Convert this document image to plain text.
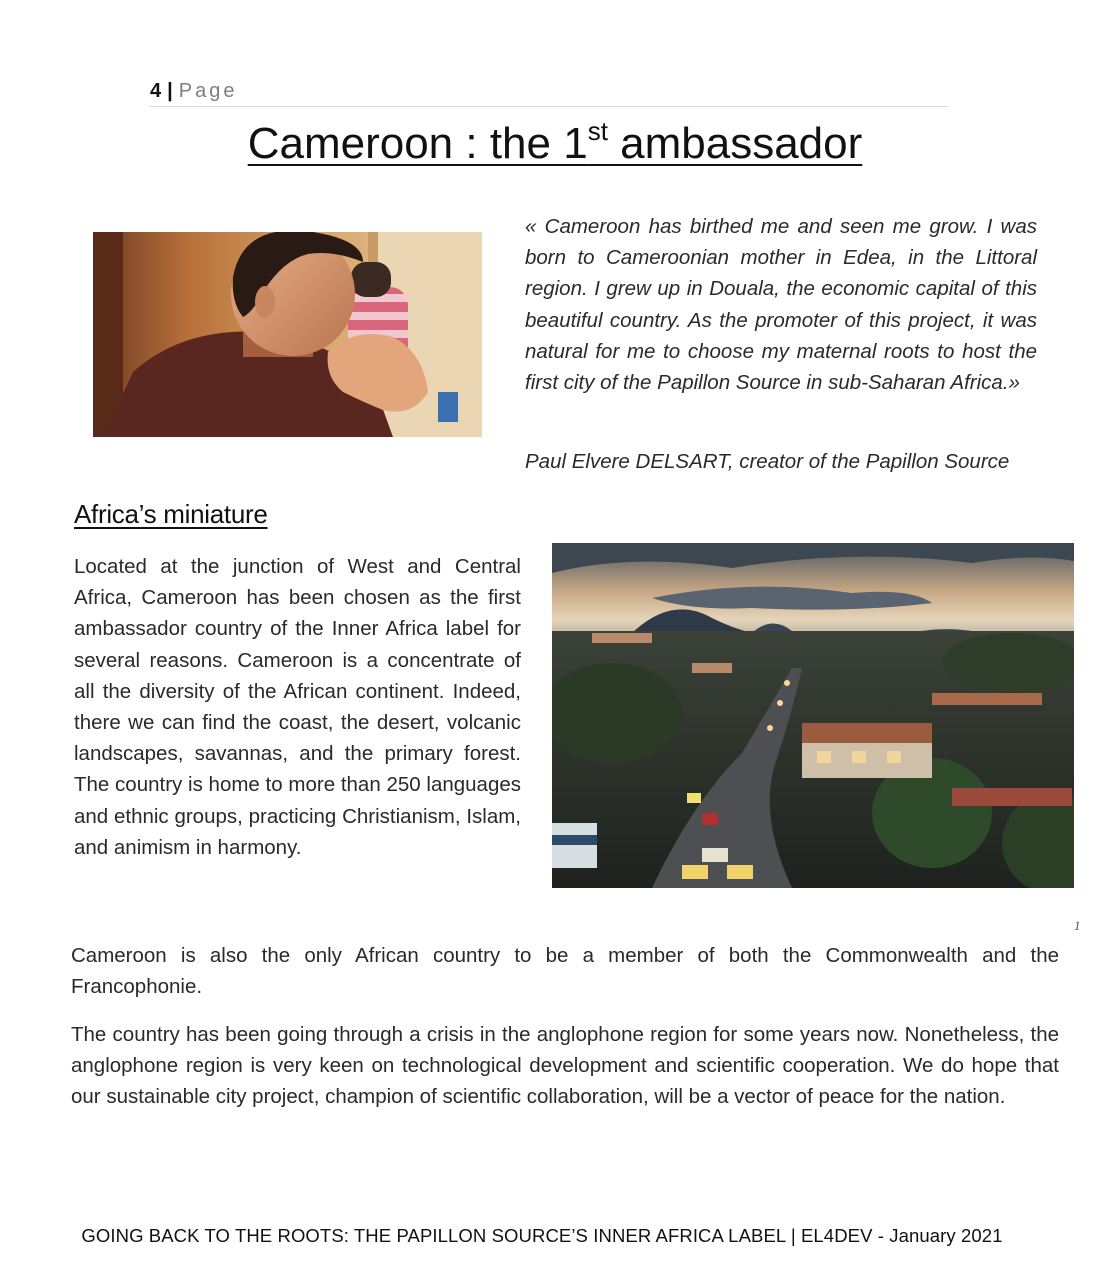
4 | Page
Cameroon : the 1st ambassador

« Cameroon has birthed me and seen me grow. I was born to Cameroonian mother in Edea, in the Littoral region. I grew up in Douala, the economic capital of this beautiful country. As the promoter of this project, it was natural for me to choose my maternal roots to host the first city of the Papillon Source in sub-Saharan Africa.»

Paul Elvere DELSART, creator of the Papillon Source

Africa’s miniature

Located at the junction of West and Central Africa, Cameroon has been chosen as the first ambassador country of the Inner Africa label for several reasons. Cameroon is a concentrate of all the diversity of the African continent. Indeed, there we can find the coast, the desert, volcanic landscapes, savannas, and the primary forest. The country is home to more than 250 languages and ethnic groups, practicing Christianism, Islam, and animism in harmony.

1

Cameroon is also the only African country to be a member of both the Commonwealth and the Francophonie.

The country has been going through a crisis in the anglophone region for some years now. Nonetheless, the anglophone region is very keen on technological development and scientific cooperation. We do hope that our sustainable city project, champion of scientific collaboration, will be a vector of peace for the nation.

GOING BACK TO THE ROOTS: THE PAPILLON SOURCE’S INNER AFRICA LABEL | EL4DEV - January 2021
